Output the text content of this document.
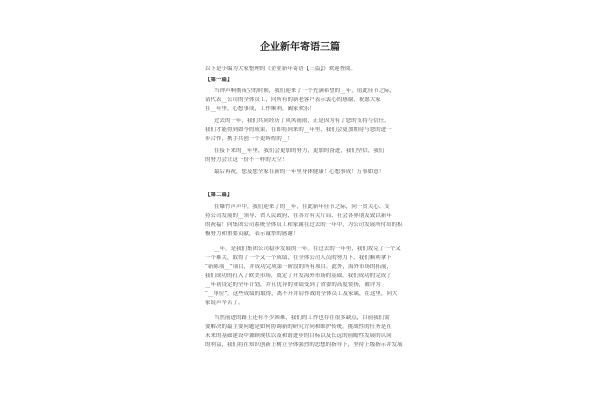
企业新年寄语三篇
以下是小编为大家整理的《企业新年寄语【三篇】》欢迎查阅。
【第一篇】
当钟声响彻夜空的时候，我们迎来了一个充满希望的__年，值此佳节之际，
请代表__公司的全体员工，向所有的新老客户表示衷心的感谢，祝愿大家
在__年里，心想事成，工作顺利，阖家欢乐！
过去的一年，我们共同经历了风风雨雨，正是因为有了您的支持与信任，
我们才能得到如今的成果，在即将到来的__年里，我们会更加期待与您的进一
步合作，携手共创一个更辉煌的__！
在接下来的__年里，我们会更加的努力，更加的奋进，我们坚信，我们
的努力会让这一份不一样的天空！
最后再祝，您及您全家在新的一年里身体健康！心想事成！万事如意！
【第二篇】
在爆竹声声中，我们迎来了的__年，在此新年佳节之际，向一贯关心、支
持公司发展的__领导、省人民政府、在各方有关厅局、社会各界朋友致以新年
的祝福！向集团公司系统全体员工和家属在过去的一年中，为公司发展所付出的积
极努力和重要贡献，表示诚挚的感谢！
__年，是我们集团公司稳步发展的一年。在过去的一年里，我们攻克了一个又
一个难关，取得了一个又一个成绩，在全体公司人员的努力下，我们顺利拿下
“新陈项__”项目，并成功完成第一阶段的所有项目。此外，海外市场的拓展，
我们成功的打入了欧美市场，奠定了开发海外市场的基础。我们成功的完成了
__年初设定的全年计划，并且优异的业绩受到了省委的高度赞扬，被评为
“__单位”。这些成绩的取得，离不开并肩作战的全体员工及家属，在这里，向大
家说声辛苦了。
当然前进的路上还有不少困难，我们的工作也存在很多缺点，目前我们需
要解决的最主要问题是如何协调新的研究方向和维护传统。挑战性的任务是在
未来的基础建设中兼顾现状以及和谐进步的目标以及长远的前瞻性发展的认同
的利益，我们将在知识创新上树立全体强烈的思想的指导下，坚持上级指示并发展
